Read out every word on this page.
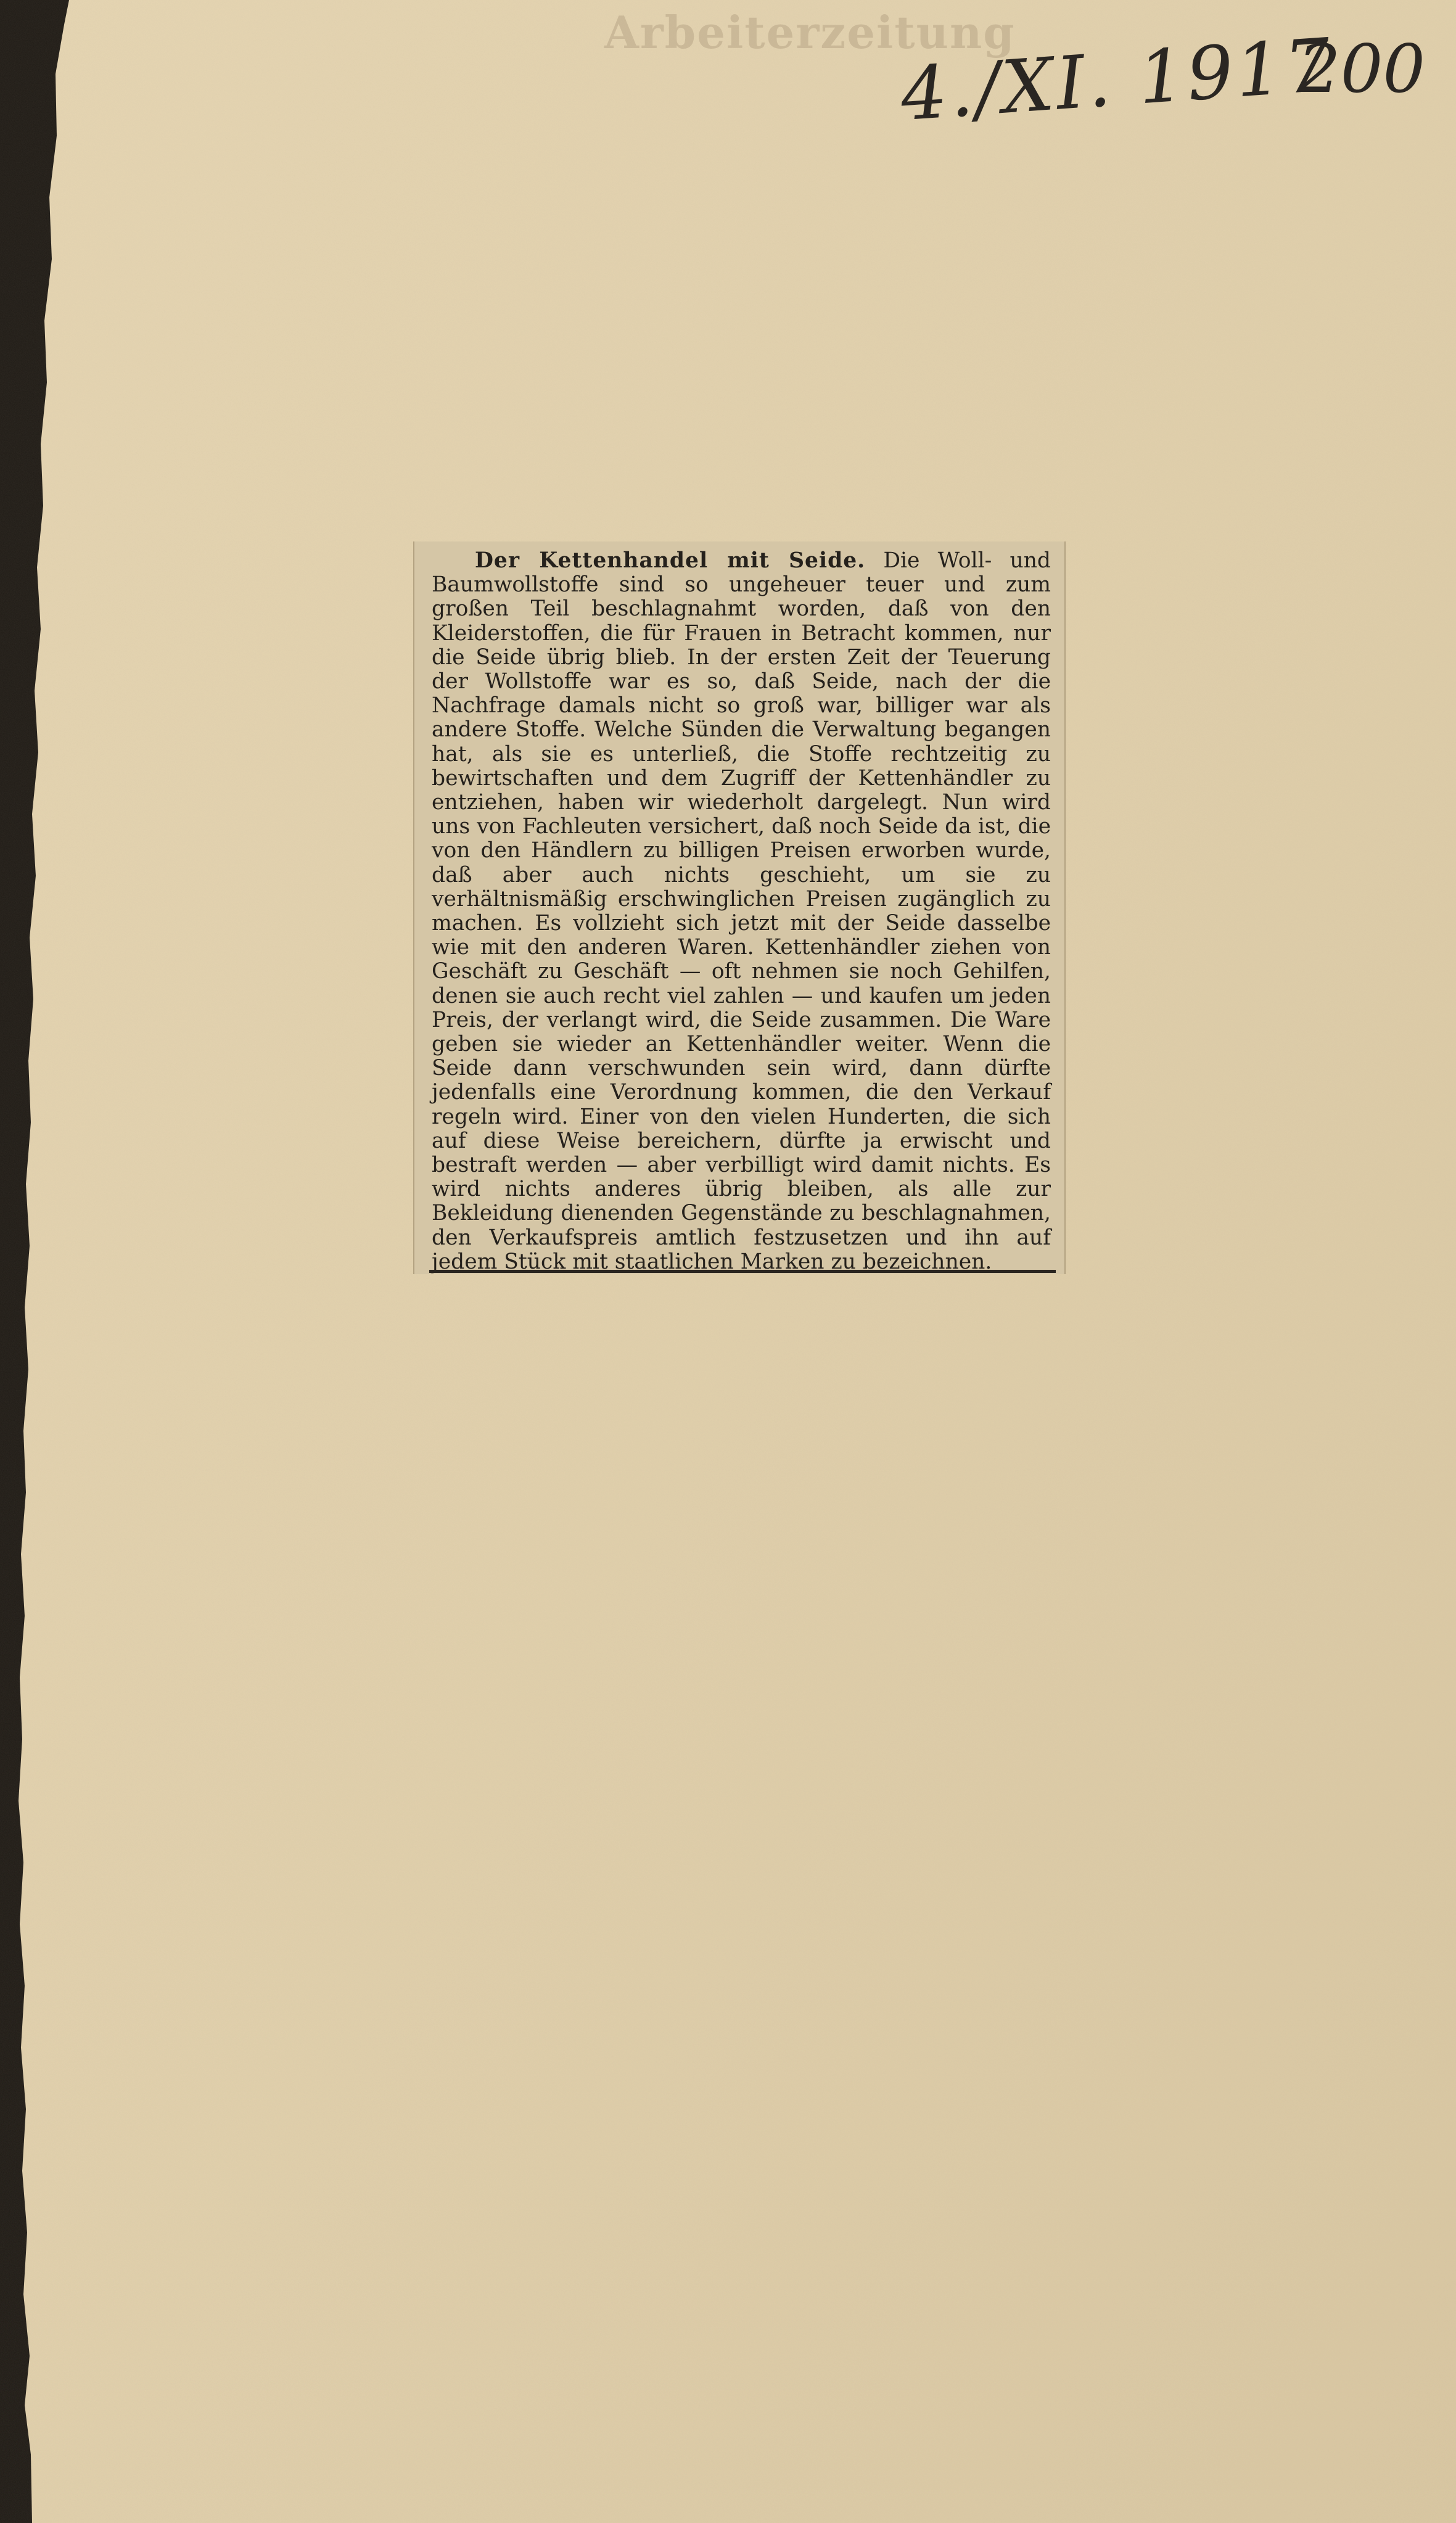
Arbeiterzeitung
4./XI. 1917
200

Der Kettenhandel mit Seide. Die Woll- und Baumwollstoffe sind so ungeheuer teuer und zum großen Teil beschlagnahmt worden, daß von den Kleiderstoffen, die für Frauen in Betracht kommen, nur die Seide übrig blieb. In der ersten Zeit der Teuerung der Wollstoffe war es so, daß Seide, nach der die Nachfrage damals nicht so groß war, billiger war als andere Stoffe. Welche Sünden die Verwaltung begangen hat, als sie es unterließ, die Stoffe rechtzeitig zu bewirtschaften und dem Zugriff der Kettenhändler zu entziehen, haben wir wiederholt dargelegt. Nun wird uns von Fachleuten versichert, daß noch Seide da ist, die von den Händlern zu billigen Preisen erworben wurde, daß aber auch nichts geschieht, um sie zu verhältnismäßig erschwinglichen Preisen zugänglich zu machen. Es vollzieht sich jetzt mit der Seide dasselbe wie mit den anderen Waren. Kettenhändler ziehen von Geschäft zu Geschäft — oft nehmen sie noch Gehilfen, denen sie auch recht viel zahlen — und kaufen um jeden Preis, der verlangt wird, die Seide zusammen. Die Ware geben sie wieder an Kettenhändler weiter. Wenn die Seide dann verschwunden sein wird, dann dürfte jedenfalls eine Verordnung kommen, die den Verkauf regeln wird. Einer von den vielen Hunderten, die sich auf diese Weise bereichern, dürfte ja erwischt und bestraft werden — aber verbilligt wird damit nichts. Es wird nichts anderes übrig bleiben, als alle zur Bekleidung dienenden Gegenstände zu beschlagnahmen, den Verkaufspreis amtlich festzusetzen und ihn auf jedem Stück mit staatlichen Marken zu bezeichnen.
